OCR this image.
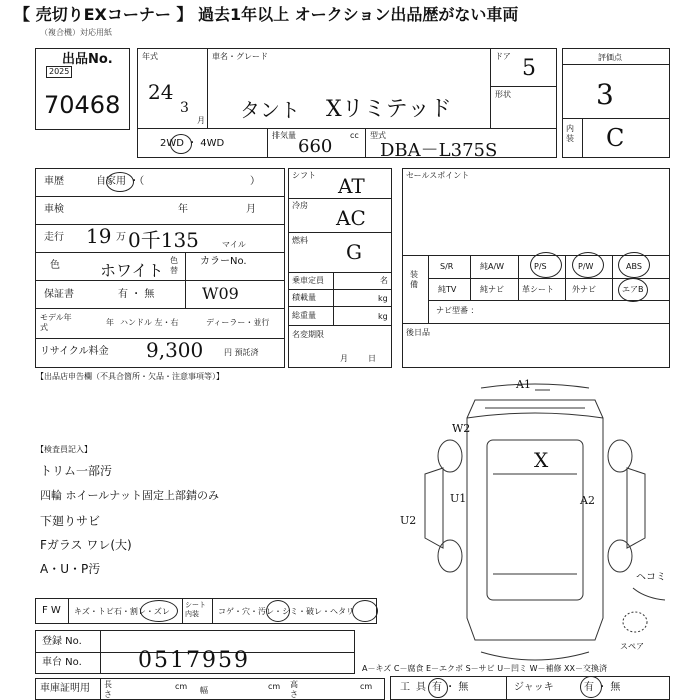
【 売切りEXコーナー 】 過去1年以上 オークション出品歴がない車両
（複合機）対応用紙
出品No.
2025
70468
年式
24
3
月
車名・グレード
タント Xリミテッド
2WD ・ 4WD
排気量
660
cc 型式
DBA－L375S
ドア 5
形状
評価点
3
内装 C
車歴	自家用 ・（	）
車検	年	月
走行 19 万 0千135	マイル
色	ホワイト
色替
カラーNo.
保証書	有 ・ 無	W09
モデル年式
年 ハンドル 左・右	ディーラー・並行
リサイクル料金 9,300	円 預託済
シフト AT
冷房
AC
燃料 G
乗車定員	名
積載量	kg
総重量	kg
名変期限
月日
セールスポイント
装備
S/R	純A/W	P/S	P/W	ABS
純TV	純ナビ 革シート 外ナビ	エアB
ナビ型番 ：
後日品
【出品店申告欄（不具合箇所・欠品・注意事項等）】
【検査員記入】
トリム一部汚
四輪 ホイールナット固定上部錆のみ
下廻りサビ
Fガラス ワレ(大)
A・U・P汚
F W キズ・トビ石・割レ・ズレ
シート内装	コゲ・穴・汚レ・シミ・破レ・ヘタリ
登録 No.
車台 No.	0517959
車庫証明用 長さ
cm 幅	cm 高さ
cm
A－キズ C－腐食 E－エクボ S－サビ U－凹ミ W－補修 XX－交換済
工具 有 ・ 無	ジャッキ	有 ・ 無
A1
W2
X
U1	A2
U2
ヘコミ
スペア
